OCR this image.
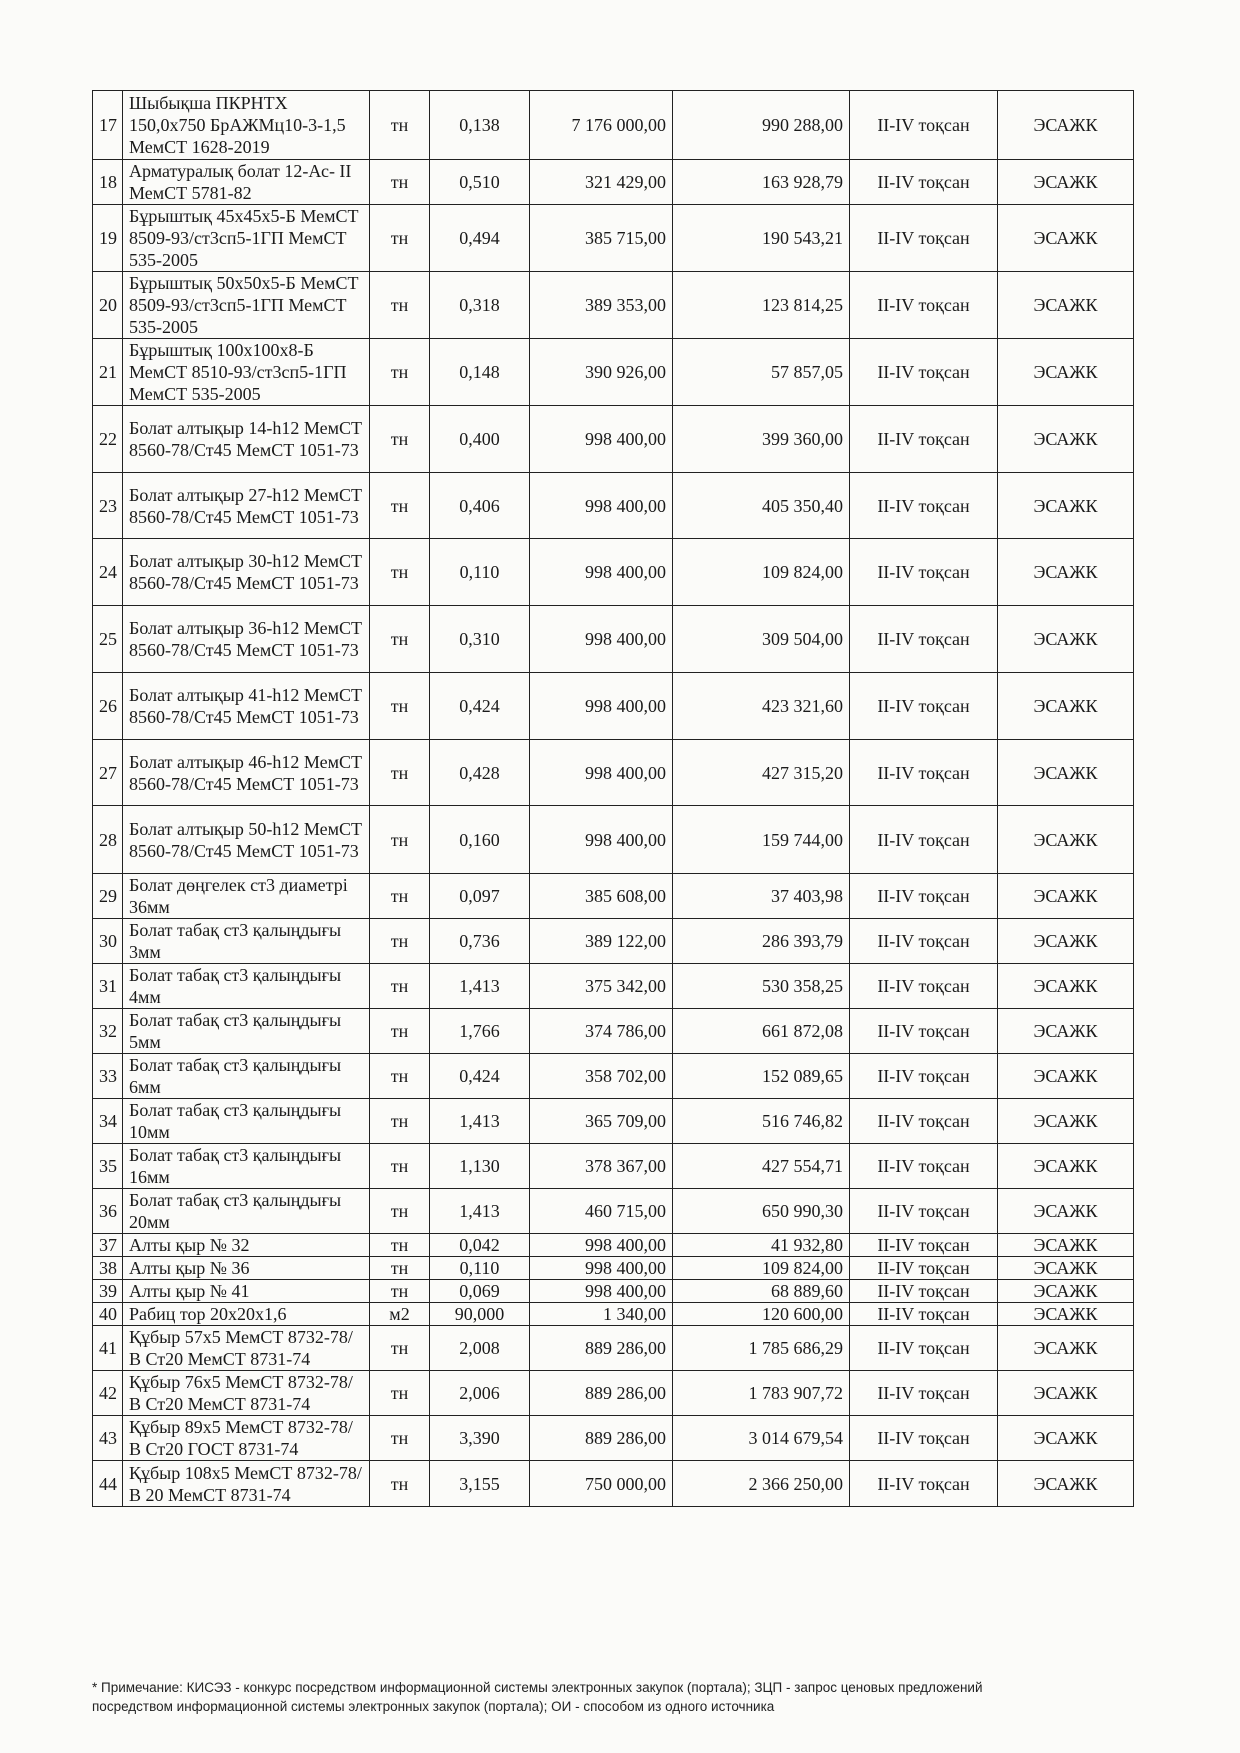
17	Шыбықша ПКРНТХ 150,0х750 БрАЖМц10-3-1,5 МемСТ 1628-2019	тн	0,138	7 176 000,00	990 288,00	II-IV тоқсан	ЭСАЖК
18	Арматуралық болат 12-Ас- II МемСТ 5781-82	тн	0,510	321 429,00	163 928,79	II-IV тоқсан	ЭСАЖК
19	Бұрыштық 45х45х5-Б МемСТ 8509-93/ст3сп5-1ГП МемСТ 535-2005	тн	0,494	385 715,00	190 543,21	II-IV тоқсан	ЭСАЖК
20	Бұрыштық 50х50х5-Б МемСТ 8509-93/ст3сп5-1ГП МемСТ 535-2005	тн	0,318	389 353,00	123 814,25	II-IV тоқсан	ЭСАЖК
21	Бұрыштық 100х100х8-Б МемСТ 8510-93/ст3сп5-1ГП МемСТ 535-2005	тн	0,148	390 926,00	57 857,05	II-IV тоқсан	ЭСАЖК
22	Болат алтықыр 14-h12 МемСТ 8560-78/Ст45 МемСТ 1051-73	тн	0,400	998 400,00	399 360,00	II-IV тоқсан	ЭСАЖК
23	Болат алтықыр 27-h12 МемСТ 8560-78/Ст45 МемСТ 1051-73	тн	0,406	998 400,00	405 350,40	II-IV тоқсан	ЭСАЖК
24	Болат алтықыр 30-h12 МемСТ 8560-78/Ст45 МемСТ 1051-73	тн	0,110	998 400,00	109 824,00	II-IV тоқсан	ЭСАЖК
25	Болат алтықыр 36-h12 МемСТ 8560-78/Ст45 МемСТ 1051-73	тн	0,310	998 400,00	309 504,00	II-IV тоқсан	ЭСАЖК
26	Болат алтықыр 41-h12 МемСТ 8560-78/Ст45 МемСТ 1051-73	тн	0,424	998 400,00	423 321,60	II-IV тоқсан	ЭСАЖК
27	Болат алтықыр 46-h12 МемСТ 8560-78/Ст45 МемСТ 1051-73	тн	0,428	998 400,00	427 315,20	II-IV тоқсан	ЭСАЖК
28	Болат алтықыр 50-h12 МемСТ 8560-78/Ст45 МемСТ 1051-73	тн	0,160	998 400,00	159 744,00	II-IV тоқсан	ЭСАЖК
29	Болат дөңгелек ст3 диаметрі 36мм	тн	0,097	385 608,00	37 403,98	II-IV тоқсан	ЭСАЖК
30	Болат табақ ст3 қалыңдығы 3мм	тн	0,736	389 122,00	286 393,79	II-IV тоқсан	ЭСАЖК
31	Болат табақ ст3 қалыңдығы 4мм	тн	1,413	375 342,00	530 358,25	II-IV тоқсан	ЭСАЖК
32	Болат табақ ст3 қалыңдығы 5мм	тн	1,766	374 786,00	661 872,08	II-IV тоқсан	ЭСАЖК
33	Болат табақ ст3 қалыңдығы 6мм	тн	0,424	358 702,00	152 089,65	II-IV тоқсан	ЭСАЖК
34	Болат табақ ст3 қалыңдығы 10мм	тн	1,413	365 709,00	516 746,82	II-IV тоқсан	ЭСАЖК
35	Болат табақ ст3 қалыңдығы 16мм	тн	1,130	378 367,00	427 554,71	II-IV тоқсан	ЭСАЖК
36	Болат табақ ст3 қалыңдығы 20мм	тн	1,413	460 715,00	650 990,30	II-IV тоқсан	ЭСАЖК
37	Алты қыр № 32	тн	0,042	998 400,00	41 932,80	II-IV тоқсан	ЭСАЖК
38	Алты қыр № 36	тн	0,110	998 400,00	109 824,00	II-IV тоқсан	ЭСАЖК
39	Алты қыр № 41	тн	0,069	998 400,00	68 889,60	II-IV тоқсан	ЭСАЖК
40	Рабиц тор 20х20х1,6	м2	90,000	1 340,00	120 600,00	II-IV тоқсан	ЭСАЖК
41	Құбыр 57х5 МемСТ 8732-78/В Ст20 МемСТ 8731-74	тн	2,008	889 286,00	1 785 686,29	II-IV тоқсан	ЭСАЖК
42	Құбыр 76х5 МемСТ 8732-78/В Ст20 МемСТ 8731-74	тн	2,006	889 286,00	1 783 907,72	II-IV тоқсан	ЭСАЖК
43	Құбыр 89х5 МемСТ 8732-78/В Ст20 ГОСТ 8731-74	тн	3,390	889 286,00	3 014 679,54	II-IV тоқсан	ЭСАЖК
44	Құбыр 108х5 МемСТ 8732-78/В 20 МемСТ 8731-74	тн	3,155	750 000,00	2 366 250,00	II-IV тоқсан	ЭСАЖК
* Примечание: КИСЭЗ - конкурс посредством информационной системы электронных закупок (портала); ЗЦП - запрос ценовых предложений
посредством информационной системы электронных закупок (портала); ОИ - способом из одного источника
